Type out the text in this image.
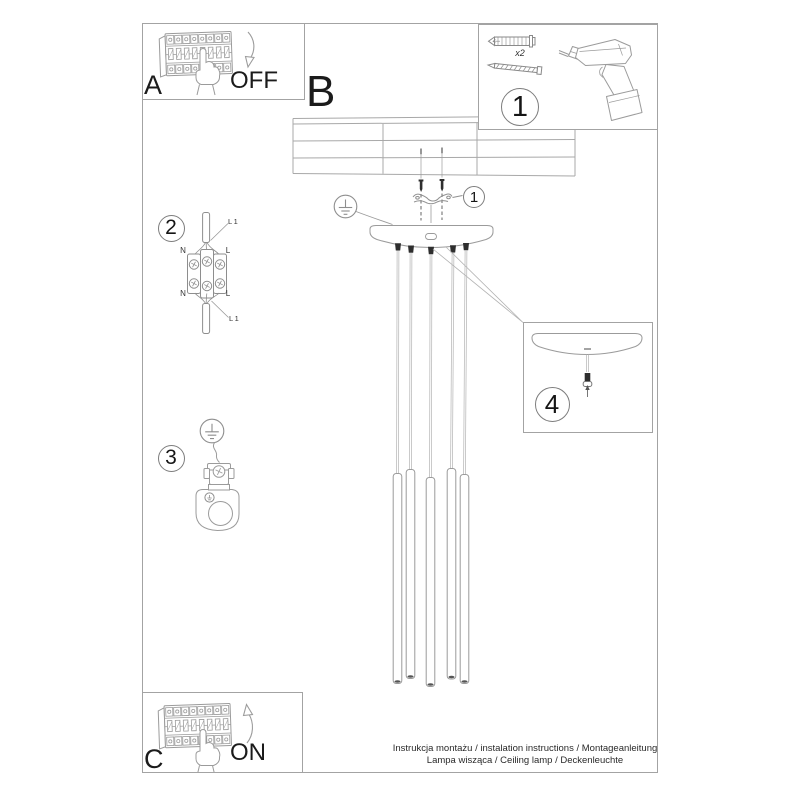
A	OFF B
C	ON
1
x2
1
2
3
4
L1
L1
N	L
N	L
Instrukcja montażu / instalation instructions / Montageanleitung
Lampa wisząca / Ceiling lamp / Deckenleuchte
